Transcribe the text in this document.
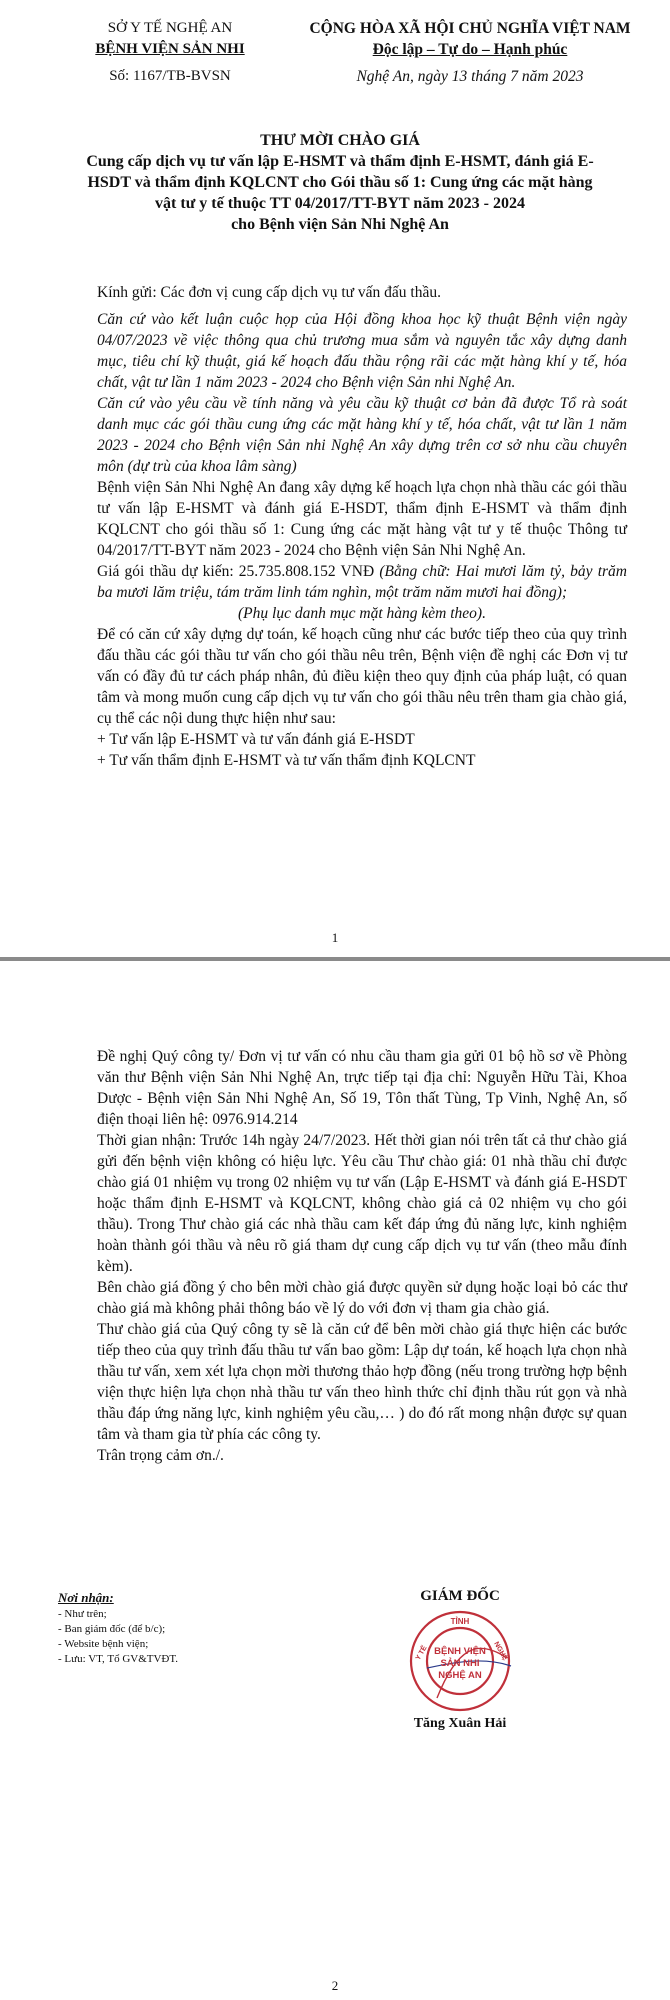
SỞ Y TẾ NGHỆ AN
BỆNH VIỆN SẢN NHI
Số: 1167/TB-BVSN
CỘNG HÒA XÃ HỘI CHỦ NGHĨA VIỆT NAM
Độc lập – Tự do – Hạnh phúc
Nghệ An, ngày 13 tháng 7 năm 2023
THƯ MỜI CHÀO GIÁ
Cung cấp dịch vụ tư vấn lập E-HSMT và thẩm định E-HSMT, đánh giá E-
HSDT và thẩm định KQLCNT cho Gói thầu số 1: Cung ứng các mặt hàng
vật tư y tế thuộc TT 04/2017/TT-BYT năm 2023 - 2024
cho Bệnh viện Sản Nhi Nghệ An

Kính gửi: Các đơn vị cung cấp dịch vụ tư vấn đấu thầu.

Căn cứ vào kết luận cuộc họp của Hội đồng khoa học kỹ thuật Bệnh viện ngày 04/07/2023 về việc thông qua chủ trương mua sắm và nguyên tắc xây dựng danh mục, tiêu chí kỹ thuật, giá kế hoạch đấu thầu rộng rãi các mặt hàng khí y tế, hóa chất, vật tư lần 1 năm 2023 - 2024 cho Bệnh viện Sản nhi Nghệ An.

Căn cứ vào yêu cầu về tính năng và yêu cầu kỹ thuật cơ bản đã được Tổ rà soát danh mục các gói thầu cung ứng các mặt hàng khí y tế, hóa chất, vật tư lần 1 năm 2023 - 2024 cho Bệnh viện Sản nhi Nghệ An xây dựng trên cơ sở nhu cầu chuyên môn (dự trù của khoa lâm sàng)

Bệnh viện Sản Nhi Nghệ An đang xây dựng kế hoạch lựa chọn nhà thầu các gói thầu tư vấn lập E-HSMT và đánh giá E-HSDT, thẩm định E-HSMT và thẩm định KQLCNT cho gói thầu số 1: Cung ứng các mặt hàng vật tư y tế thuộc Thông tư 04/2017/TT-BYT năm 2023 - 2024 cho Bệnh viện Sản Nhi Nghệ An.

Giá gói thầu dự kiến: 25.735.808.152 VNĐ (Bằng chữ: Hai mươi lăm tỷ, bảy trăm ba mươi lăm triệu, tám trăm linh tám nghìn, một trăm năm mươi hai đồng);

(Phụ lục danh mục mặt hàng kèm theo).

Để có căn cứ xây dựng dự toán, kế hoạch cũng như các bước tiếp theo của quy trình đấu thầu các gói thầu tư vấn cho gói thầu nêu trên, Bệnh viện đề nghị các Đơn vị tư vấn có đầy đủ tư cách pháp nhân, đủ điều kiện theo quy định của pháp luật, có quan tâm và mong muốn cung cấp dịch vụ tư vấn cho gói thầu nêu trên tham gia chào giá, cụ thể các nội dung thực hiện như sau:

+ Tư vấn lập E-HSMT và tư vấn đánh giá E-HSDT

+ Tư vấn thẩm định E-HSMT và tư vấn thẩm định KQLCNT

1

Đề nghị Quý công ty/ Đơn vị tư vấn có nhu cầu tham gia gửi 01 bộ hồ sơ về Phòng văn thư Bệnh viện Sản Nhi Nghệ An, trực tiếp tại địa chỉ: Nguyễn Hữu Tài, Khoa Dược - Bệnh viện Sản Nhi Nghệ An, Số 19, Tôn thất Tùng, Tp Vinh, Nghệ An, số điện thoại liên hệ: 0976.914.214

Thời gian nhận: Trước 14h ngày 24/7/2023. Hết thời gian nói trên tất cả thư chào giá gửi đến bệnh viện không có hiệu lực. Yêu cầu Thư chào giá: 01 nhà thầu chỉ được chào giá 01 nhiệm vụ trong 02 nhiệm vụ tư vấn (Lập E-HSMT và đánh giá E-HSDT hoặc thẩm định E-HSMT và KQLCNT, không chào giá cả 02 nhiệm vụ cho gói thầu). Trong Thư chào giá các nhà thầu cam kết đáp ứng đủ năng lực, kinh nghiệm hoàn thành gói thầu và nêu rõ giá tham dự cung cấp dịch vụ tư vấn (theo mẫu đính kèm).

Bên chào giá đồng ý cho bên mời chào giá được quyền sử dụng hoặc loại bỏ các thư chào giá mà không phải thông báo về lý do với đơn vị tham gia chào giá.

Thư chào giá của Quý công ty sẽ là căn cứ để bên mời chào giá thực hiện các bước tiếp theo của quy trình đấu thầu tư vấn bao gồm: Lập dự toán, kế hoạch lựa chọn nhà thầu tư vấn, xem xét lựa chọn mời thương thảo hợp đồng (nếu trong trường hợp bệnh viện thực hiện lựa chọn nhà thầu tư vấn theo hình thức chỉ định thầu rút gọn và nhà thầu đáp ứng năng lực, kinh nghiệm yêu cầu,… ) do đó rất mong nhận được sự quan tâm và tham gia từ phía các công ty.

Trân trọng cảm ơn./.

Nơi nhận:
- Như trên;
- Ban giám đốc (để b/c);
- Website bệnh viện;
- Lưu: VT, Tổ GV&TVĐT.
GIÁM ĐỐC
TỈNH
Y TẾ	NGHỆ
BỆNH VIỆN
SẢN NHI
NGHỆ AN
Tăng Xuân Hải
2
